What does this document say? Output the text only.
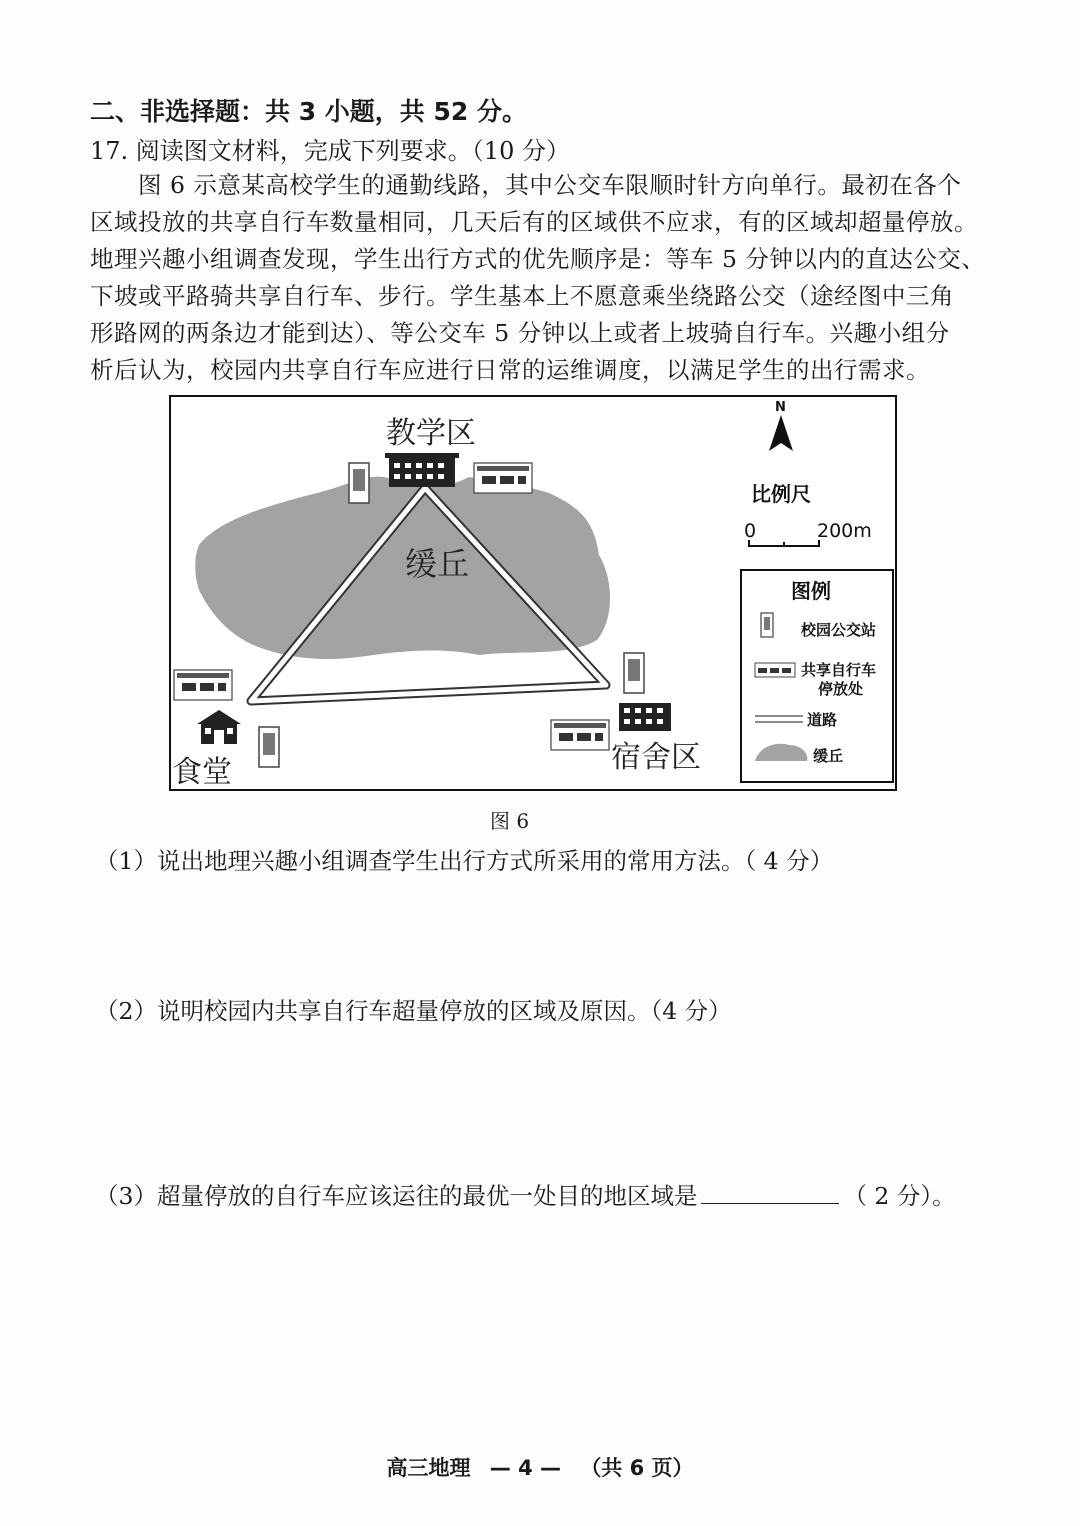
二、非选择题：共 3 小题，共 52 分。
17. 阅读图文材料，完成下列要求。（10 分）
　　图 6 示意某高校学生的通勤线路，其中公交车限顺时针方向单行。最初在各个
区域投放的共享自行车数量相同，几天后有的区域供不应求，有的区域却超量停放。
地理兴趣小组调查发现，学生出行方式的优先顺序是：等车 5 分钟以内的直达公交、
下坡或平路骑共享自行车、步行。学生基本上不愿意乘坐绕路公交（途经图中三角
形路网的两条边才能到达）、等公交车 5 分钟以上或者上坡骑自行车。兴趣小组分
析后认为，校园内共享自行车应进行日常的运维调度，以满足学生的出行需求。
教学区
食堂	宿舍区
缓丘
N
比例尺
0	200m
图例
校园公交站
共享自行车
停放处
道路
缓丘
图 6
（1）说出地理兴趣小组调查学生出行方式所采用的常用方法。（ 4 分）
（2）说明校园内共享自行车超量停放的区域及原因。（4 分）
（3）超量停放的自行车应该运往的最优一处目的地区域是	（ 2 分）。
高三地理 — 4 — （共 6 页）
